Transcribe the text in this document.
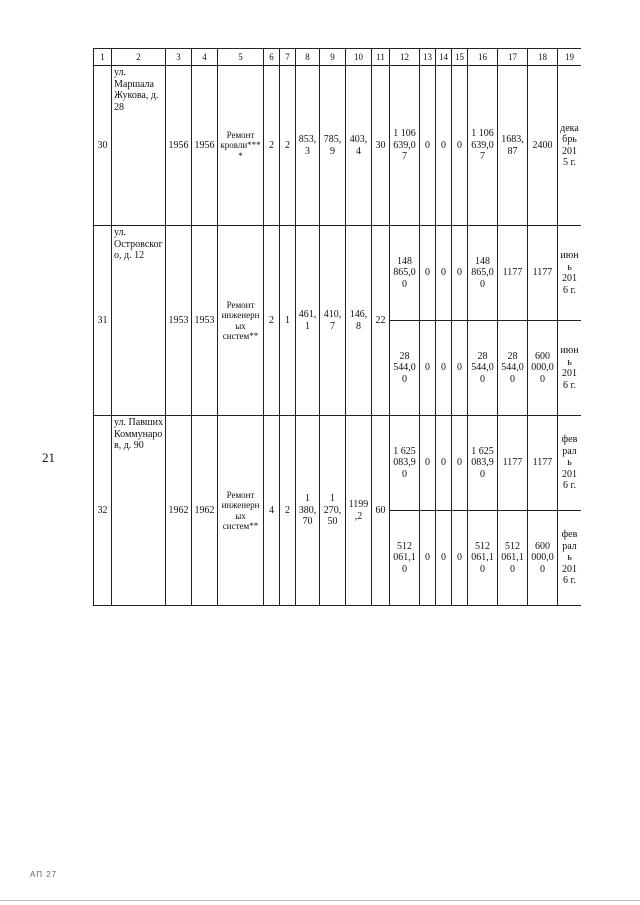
21
1	2	3	4	5	6	7	8	9	10	11	12	13	14	15	16	17	18	19
30	ул. Маршала Жукова, д. 28	1956	1956	Ремонт кровли****	2	2	853,3	785,9	403,4	30	1 106 639,07	0	0	0	1 106 639,07	1683,87	2400	декабрь 2015 г.
31	ул. Островского, д. 12	1953	1953	Ремонт инженерных систем**	2	1	461,1	410,7	146,8	22	148 865,00	0	0	0	148 865,00	1177	1177	июнь 2016 г.
											28 544,00	0	0	0	28 544,00	28 544,00	600 000,00	июнь 2016 г.
32	ул. Павших Коммунаров, д. 90	1962	1962	Ремонт инженерных систем**	4	2	1 380,70	1 270,50	1199,2	60	1 625 083,90	0	0	0	1 625 083,90	1177	1177	февраль 2016 г.
											512 061,10	0	0	0	512 061,10	512 061,10	600 000,00	февраль 2016 г.
АП 27
